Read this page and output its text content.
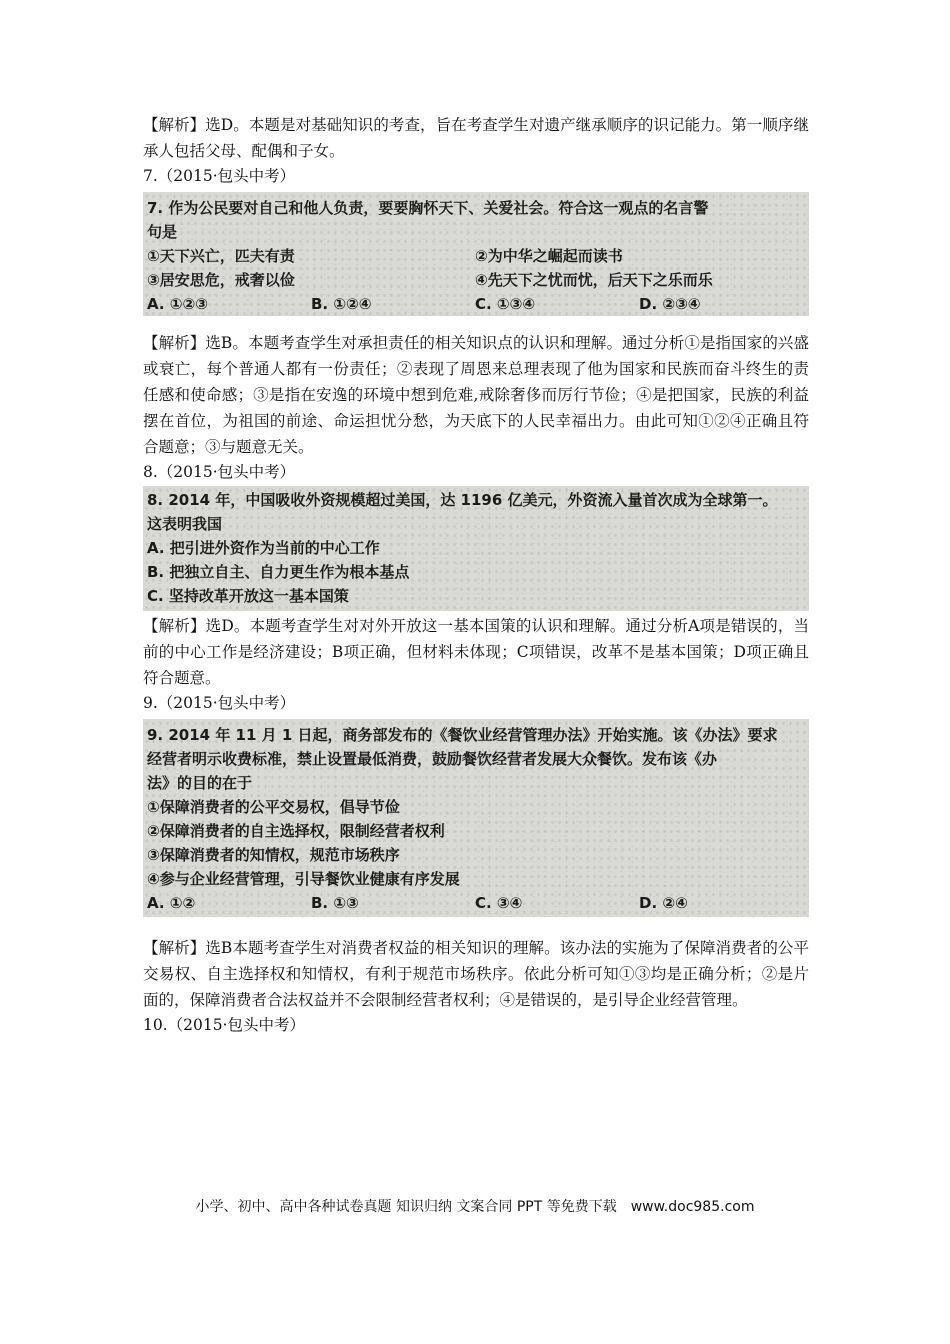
【解析】选D。本题是对基础知识的考查，旨在考查学生对遗产继承顺序的识记能力。第一顺序继承人包括父母、配偶和子女。

7.（2015·包头中考）

7. 作为公民要对自己和他人负责，要要胸怀天下、关爱社会。符合这一观点的名言警
句是
①天下兴亡，匹夫有责	②为中华之崛起而读书
③居安思危，戒奢以俭	④先天下之忧而忧，后天下之乐而乐
A. ①②③	B. ①②④	C. ①③④	D. ②③④

【解析】选B。本题考查学生对承担责任的相关知识点的认识和理解。通过分析①是指国家的兴盛或衰亡，每个普通人都有一份责任；②表现了周恩来总理表现了他为国家和民族而奋斗终生的责任感和使命感；③是指在安逸的环境中想到危难,戒除奢侈而厉行节俭；④是把国家，民族的利益摆在首位，为祖国的前途、命运担忧分愁，为天底下的人民幸福出力。由此可知①②④正确且符合题意；③与题意无关。

8.（2015·包头中考）

8. 2014 年，中国吸收外资规模超过美国，达 1196 亿美元，外资流入量首次成为全球第一。
这表明我国
A. 把引进外资作为当前的中心工作
B. 把独立自主、自力更生作为根本基点
C. 坚持改革开放这一基本国策

【解析】选D。本题考查学生对对外开放这一基本国策的认识和理解。通过分析A项是错误的，当前的中心工作是经济建设；B项正确，但材料未体现；C项错误，改革不是基本国策；D项正确且符合题意。

9.（2015·包头中考）

9. 2014 年 11 月 1 日起，商务部发布的《餐饮业经营管理办法》开始实施。该《办法》要求
经营者明示收费标准，禁止设置最低消费，鼓励餐饮经营者发展大众餐饮。发布该《办
法》的目的在于
①保障消费者的公平交易权，倡导节俭
②保障消费者的自主选择权，限制经营者权利
③保障消费者的知情权，规范市场秩序
④参与企业经营管理，引导餐饮业健康有序发展
A. ①②	B. ①③	C. ③④	D. ②④

【解析】选B本题考查学生对消费者权益的相关知识的理解。该办法的实施为了保障消费者的公平交易权、自主选择权和知情权，有利于规范市场秩序。依此分析可知①③均是正确分析；②是片面的，保障消费者合法权益并不会限制经营者权利；④是错误的，是引导企业经营管理。

10.（2015·包头中考）

小学、初中、高中各种试卷真题 知识归纳 文案合同 PPT 等免费下载　www.doc985.com
